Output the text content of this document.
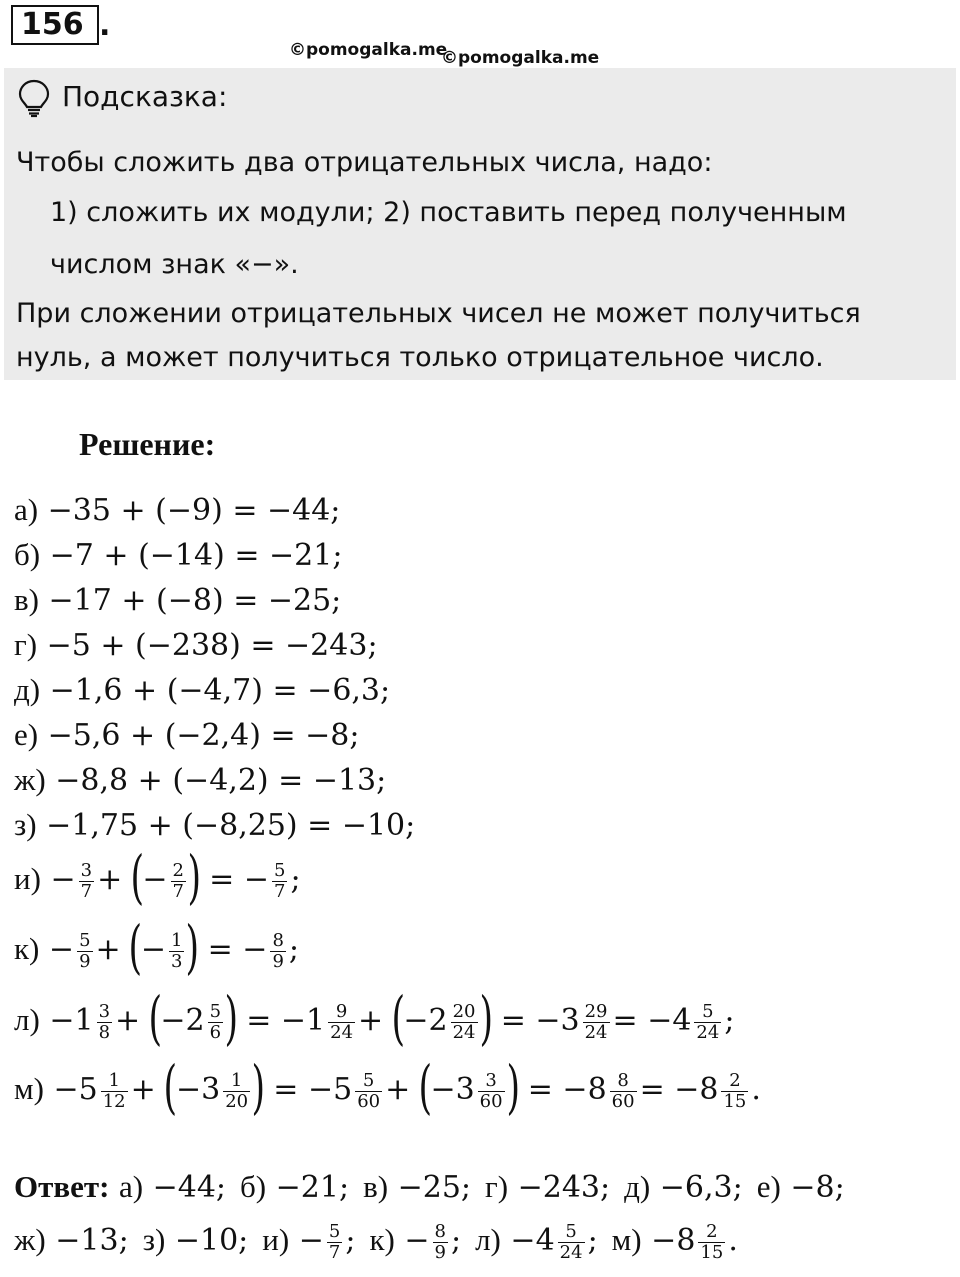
156 .
©pomogalka.me
©pomogalka.me
Подсказка:
Чтобы сложить два отрицательных числа, надо:
1) сложить их модули; 2) поставить перед полученным
числом знак «−».
При сложении отрицательных чисел не может получиться
нуль, а может получиться только отрицательное число.
Решение:
а) −35 + (−9) = −44;
б) −7 + (−14) = −21;
в) −17 + (−8) = −25;
г) −5 + (−238) = −243;
д) −1,6 + (−4,7) = −6,3;
е) −5,6 + (−2,4) = −8;
ж) −8,8 + (−4,2) = −13;
з) −1,75 + (−8,25) = −10;
$и) - \frac{3}{7}$ + (− $\frac{2}{7}$ ) = − $\frac{5}{7}$ ;
$к) - \frac{5}{9}$ + (− $\frac{1}{3}$ ) = − $\frac{8}{9}$ ;
$л) -1 \frac{3}{8} + (-2 \frac{5}{6}$ ) = $-1 \frac{9}{24} + (-2 \frac{20}{24}$ ) = $-3 \frac{29}{24} = -4 \frac{5}{24}$ ;
$м) -5 \frac{1}{12} + (-3 \frac{1}{20}$ ) = $-5 \frac{5}{60} + (-3 \frac{3}{60}$ ) = $-8 \frac{8}{60} = -8 \frac{2}{15}$ .
Ответ: а) −44; б) −21; в) −25; г) −243; д) −6,3; е) −8;
ж) −13; з) −10; $и) - \frac{5}{7}$ ; $к) - \frac{8}{9}$ ; $л) -4 \frac{5}{24}$ ; $м) -8 \frac{2}{15}$ .
